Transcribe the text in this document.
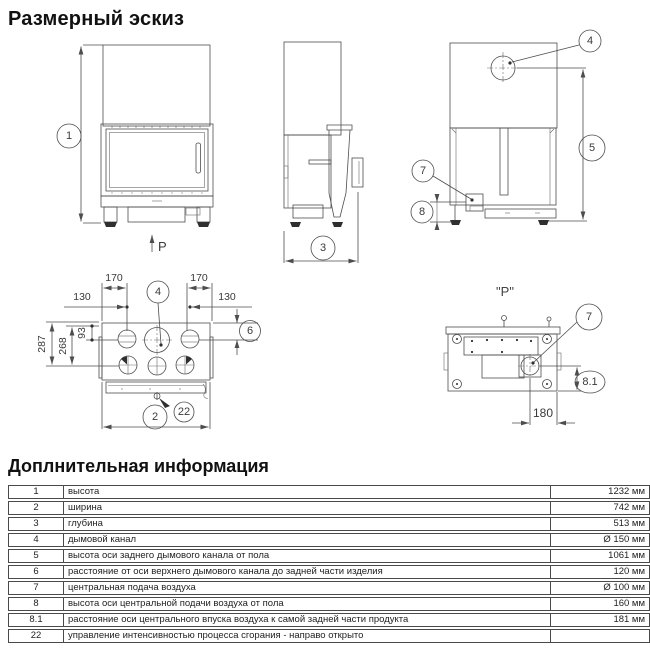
Размерный эскиз
1
P	3
4
5
7
8
170	170
130	130
4
287 268
93	6
22
2
"P"
7
8.1
180
Доплнительная информация
1	высота	1232 мм
2	ширина	742 мм
3	глубина	513 мм
4	дымовой канал	Ø 150 мм
5	высота оси заднего дымового канала от пола	1061 мм
6	расстояние от оси верхнего дымового канала до задней части изделия	120 мм
7	центральная подача воздуха	Ø 100 мм
8	высота оси центральной подачи воздуха от пола	160 мм
8.1	расстояние оси центрального впуска воздуха к самой задней части продукта	181 мм
22	управление интенсивностью процесса сгорания - направо открыто	
